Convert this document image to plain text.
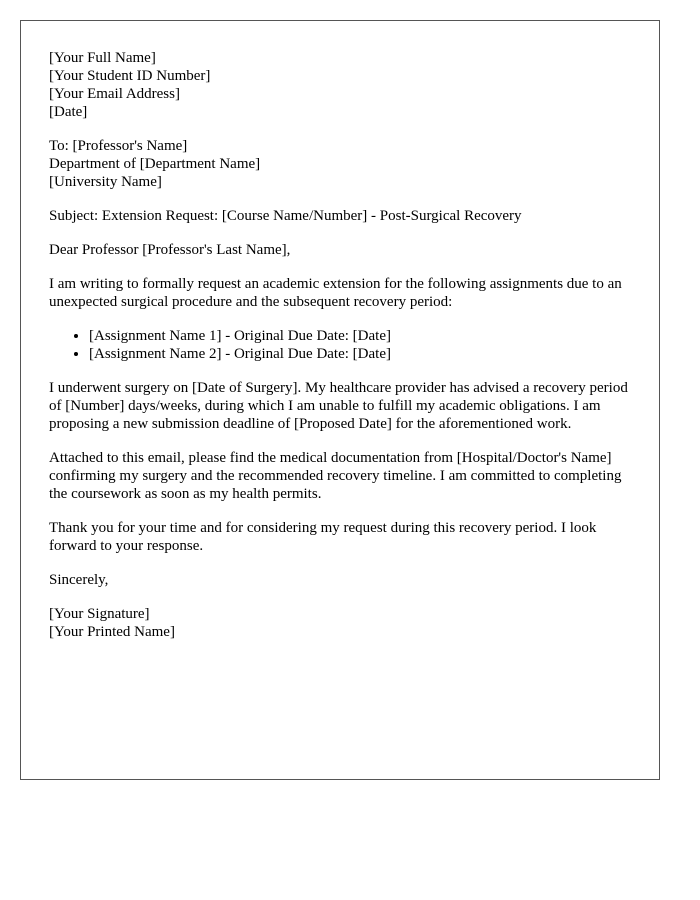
[Your Full Name]
[Your Student ID Number]
[Your Email Address]
[Date]
To: [Professor's Name]
Department of [Department Name]
[University Name]

Subject: Extension Request: [Course Name/Number] - Post-Surgical Recovery

Dear Professor [Professor's Last Name],

I am writing to formally request an academic extension for the following assignments due to an unexpected surgical procedure and the subsequent recovery period:

• [Assignment Name 1] - Original Due Date: [Date]
• [Assignment Name 2] - Original Due Date: [Date]

I underwent surgery on [Date of Surgery]. My healthcare provider has advised a recovery period of [Number] days/weeks, during which I am unable to fulfill my academic obligations. I am proposing a new submission deadline of [Proposed Date] for the aforementioned work.

Attached to this email, please find the medical documentation from [Hospital/Doctor's Name] confirming my surgery and the recommended recovery timeline. I am committed to completing the coursework as soon as my health permits.

Thank you for your time and for considering my request during this recovery period. I look forward to your response.

Sincerely,

[Your Signature]
[Your Printed Name]
